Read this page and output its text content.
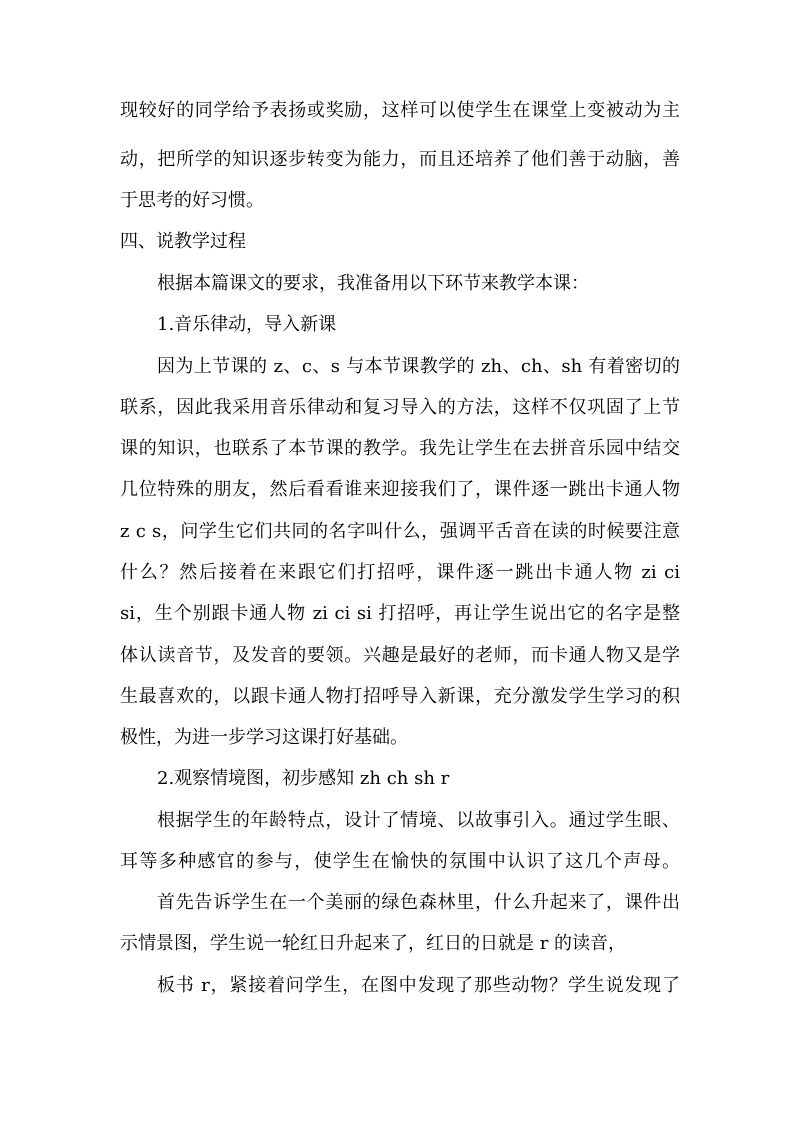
现较好的同学给予表扬或奖励，这样可以使学生在课堂上变被动为主
动，把所学的知识逐步转变为能力，而且还培养了他们善于动脑，善
于思考的好习惯。
四、说教学过程
根据本篇课文的要求，我准备用以下环节来教学本课：
1.音乐律动，导入新课
因为上节课的 z、c、s 与本节课教学的 zh、ch、sh 有着密切的
联系，因此我采用音乐律动和复习导入的方法，这样不仅巩固了上节
课的知识，也联系了本节课的教学。我先让学生在去拼音乐园中结交
几位特殊的朋友，然后看看谁来迎接我们了，课件逐一跳出卡通人物
z c s，问学生它们共同的名字叫什么，强调平舌音在读的时候要注意
什么？然后接着在来跟它们打招呼，课件逐一跳出卡通人物 zi ci
si，生个别跟卡通人物 zi ci si 打招呼，再让学生说出它的名字是整
体认读音节，及发音的要领。兴趣是最好的老师，而卡通人物又是学
生最喜欢的，以跟卡通人物打招呼导入新课，充分激发学生学习的积
极性，为进一步学习这课打好基础。
2.观察情境图，初步感知 zh ch sh r
根据学生的年龄特点，设计了情境、以故事引入。通过学生眼、
耳等多种感官的参与，使学生在愉快的氛围中认识了这几个声母。
首先告诉学生在一个美丽的绿色森林里，什么升起来了，课件出
示情景图，学生说一轮红日升起来了，红日的日就是 r 的读音，
板书 r，紧接着问学生，在图中发现了那些动物？学生说发现了
